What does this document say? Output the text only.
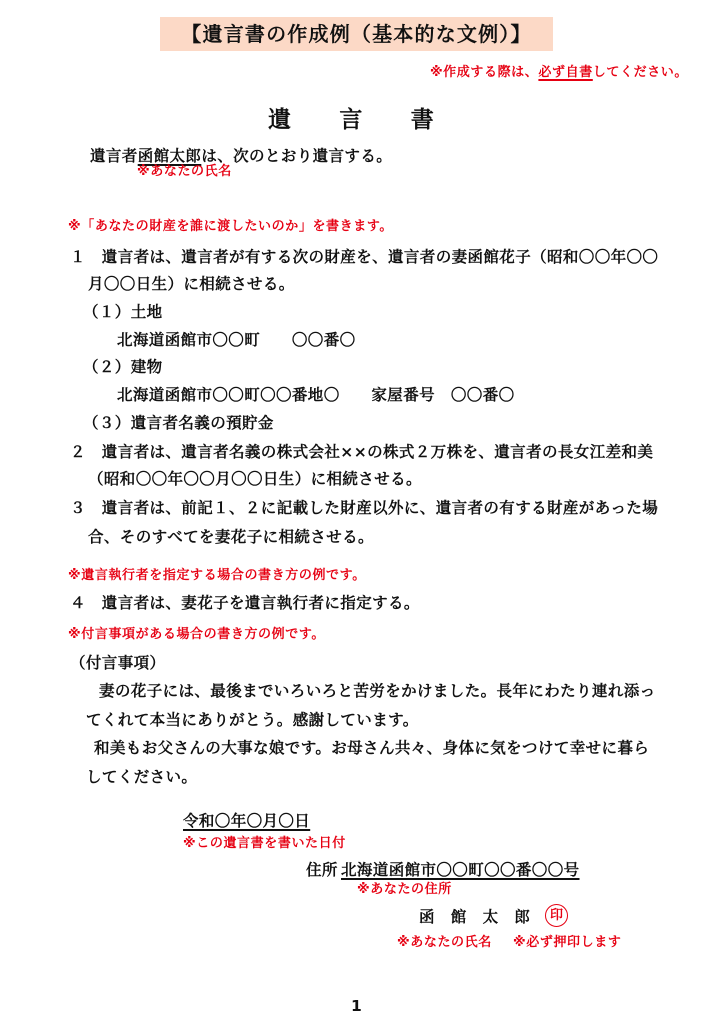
【遺言書の作成例（基本的な文例）】
※作成する際は、必ず自書してください。
遺　　言　　書
遺言者函館太郎は、次のとおり遺言する。
※あなたの氏名
※「あなたの財産を誰に渡したいのか」を書きます。
１　遺言者は、遺言者が有する次の財産を、遺言者の妻函館花子（昭和〇〇年〇〇
月〇〇日生）に相続させる。
（１）土地
北海道函館市〇〇町　　〇〇番〇
（２）建物
北海道函館市〇〇町〇〇番地〇　　家屋番号　〇〇番〇
（３）遺言者名義の預貯金
２　遺言者は、遺言者名義の株式会社××の株式２万株を、遺言者の長女江差和美
（昭和〇〇年〇〇月〇〇日生）に相続させる。
３　遺言者は、前記１、２に記載した財産以外に、遺言者の有する財産があった場
合、そのすべてを妻花子に相続させる。
※遺言執行者を指定する場合の書き方の例です。
４　遺言者は、妻花子を遺言執行者に指定する。
※付言事項がある場合の書き方の例です。
（付言事項）
妻の花子には、最後までいろいろと苦労をかけました。長年にわたり連れ添っ
てくれて本当にありがとう。感謝しています。
和美もお父さんの大事な娘です。お母さん共々、身体に気をつけて幸せに暮ら
してください。
令和〇年〇月〇日
※この遺言書を書いた日付
住所 北海道函館市〇〇町〇〇番〇〇号
※あなたの住所
函　館　太　郎	印
※あなたの氏名 ※必ず押印します
1
